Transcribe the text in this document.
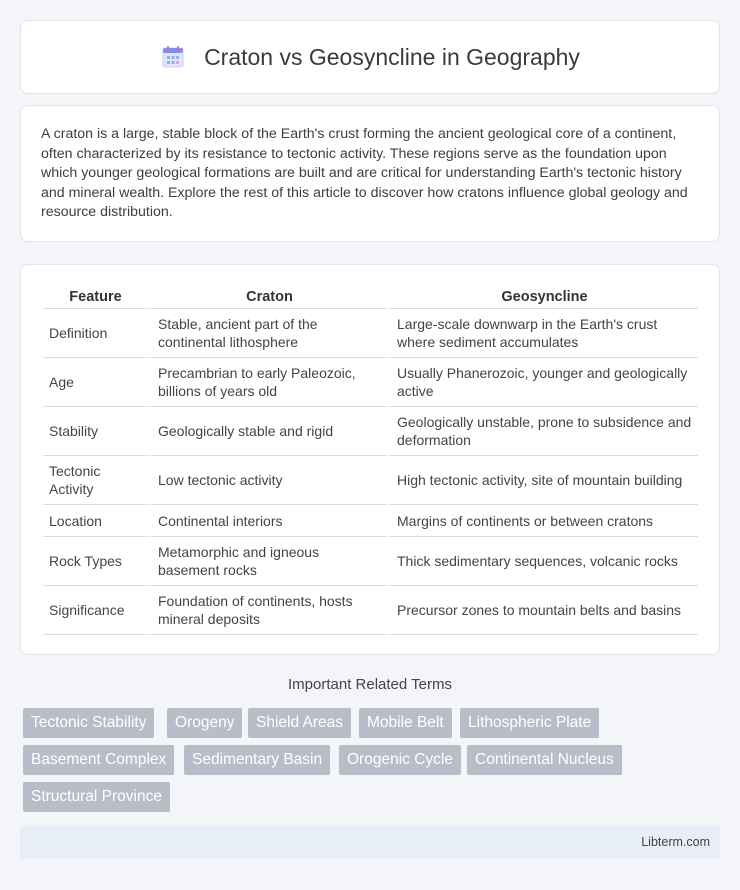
Craton vs Geosyncline in Geography

A craton is a large, stable block of the Earth's crust forming the ancient geological core of a continent, often characterized by its resistance to tectonic activity. These regions serve as the foundation upon which younger geological formations are built and are critical for understanding Earth's tectonic history and mineral wealth. Explore the rest of this article to discover how cratons influence global geology and resource distribution.

Feature	Craton	Geosyncline
Definition	Stable, ancient part of the continental lithosphere	Large-scale downwarp in the Earth's crust where sediment accumulates
Age	Precambrian to early Paleozoic, billions of years old	Usually Phanerozoic, younger and geologically active
Stability	Geologically stable and rigid	Geologically unstable, prone to subsidence and deformation
Tectonic Activity	Low tectonic activity	High tectonic activity, site of mountain building
Location	Continental interiors	Margins of continents or between cratons
Rock Types	Metamorphic and igneous basement rocks	Thick sedimentary sequences, volcanic rocks
Significance	Foundation of continents, hosts mineral deposits	Precursor zones to mountain belts and basins
Important Related Terms
Tectonic Stability	Orogeny	Shield Areas	Mobile Belt	Lithospheric Plate
Basement Complex	Sedimentary Basin	Orogenic Cycle	Continental Nucleus
Structural Province
Libterm.com
